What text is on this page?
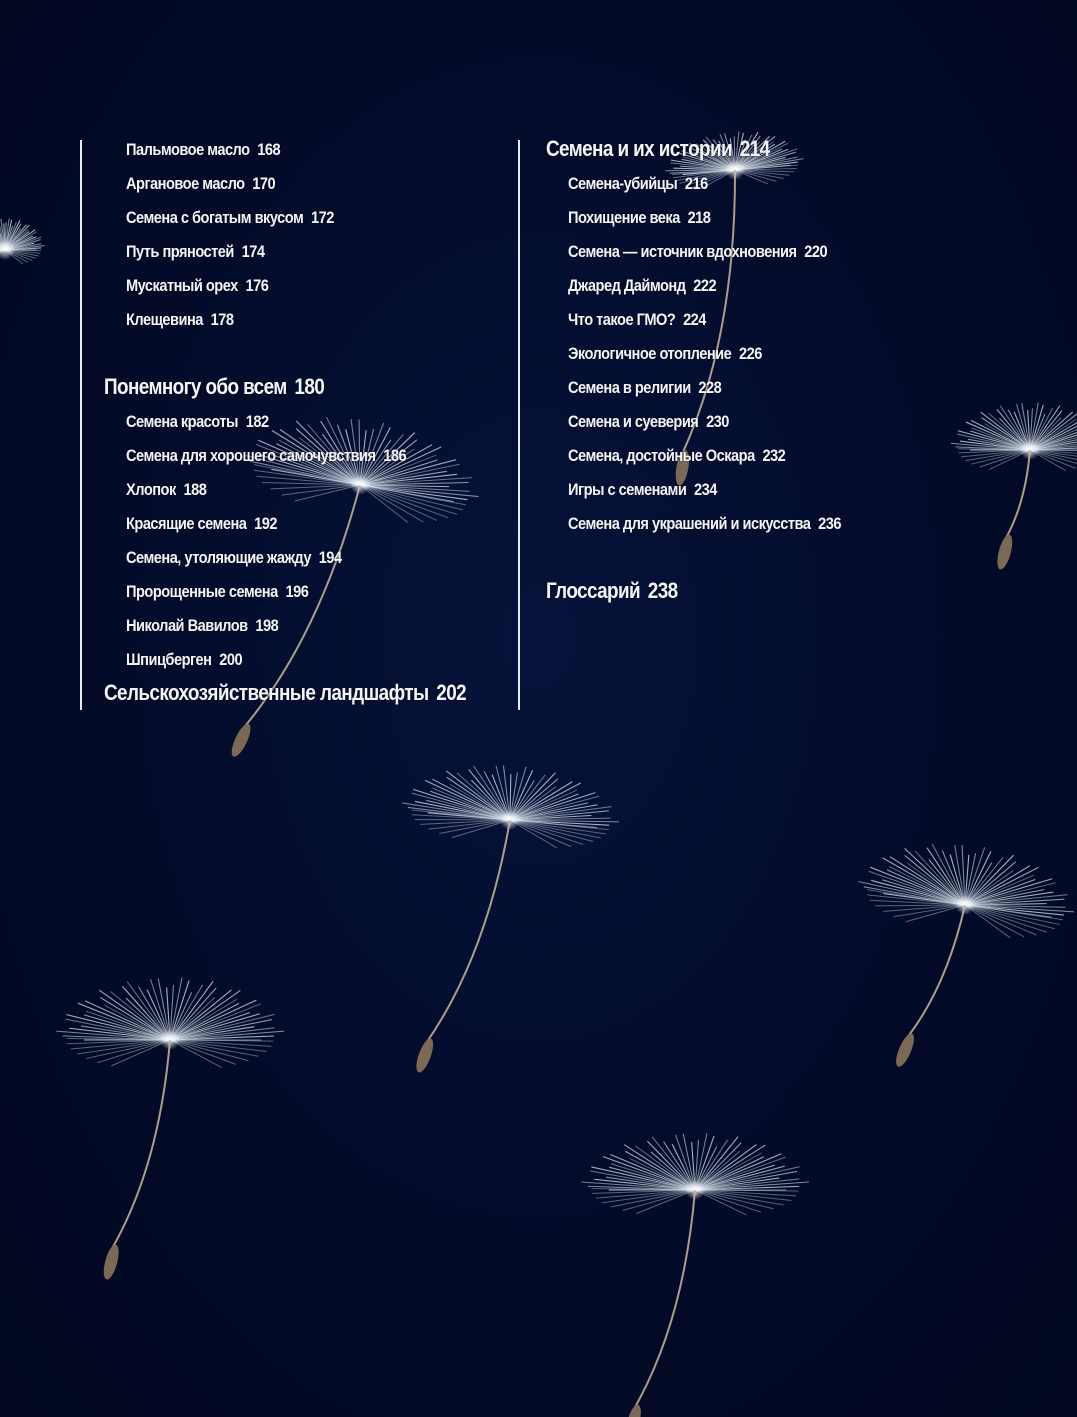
Пальмовое масло 168
Аргановое масло 170
Семена с богатым вкусом 172
Путь пряностей 174
Мускатный орех 176
Клещевина 178
Понемногу обо всем 180
Семена красоты 182
Семена для хорошего самочувствия 186
Хлопок 188
Красящие семена 192
Семена, утоляющие жажду 194
Пророщенные семена 196
Николай Вавилов 198
Шпицберген 200
Сельскохозяйственные ландшафты 202
Семена и их истории 214
Семена-убийцы 216
Похищение века 218
Семена — источник вдохновения 220
Джаред Даймонд 222
Что такое ГМО? 224
Экологичное отопление 226
Семена в религии 228
Семена и суеверия 230
Семена, достойные Оскара 232
Игры с семенами 234
Семена для украшений и искусства 236
Глоссарий 238
